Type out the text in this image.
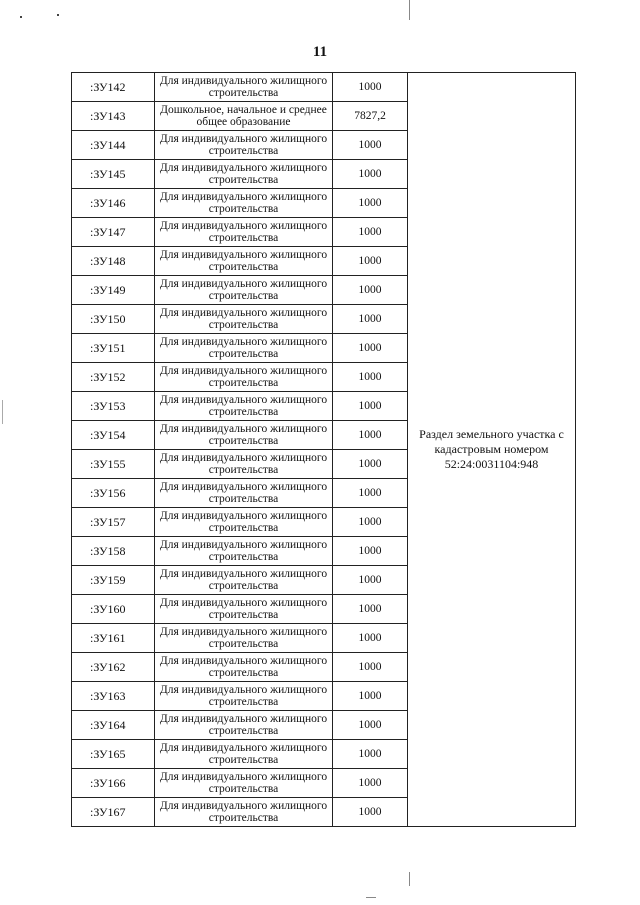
11
:ЗУ142	Для индивидуального жилищного строительства	1000	Раздел земельного участка с кадастровым номером 52:24:0031104:948
:ЗУ143	Дошкольное, начальное и среднее общее образование	7827,2	
:ЗУ144	Для индивидуального жилищного строительства	1000	
:ЗУ145	Для индивидуального жилищного строительства	1000	
:ЗУ146	Для индивидуального жилищного строительства	1000	
:ЗУ147	Для индивидуального жилищного строительства	1000	
:ЗУ148	Для индивидуального жилищного строительства	1000	
:ЗУ149	Для индивидуального жилищного строительства	1000	
:ЗУ150	Для индивидуального жилищного строительства	1000	
:ЗУ151	Для индивидуального жилищного строительства	1000	
:ЗУ152	Для индивидуального жилищного строительства	1000	
:ЗУ153	Для индивидуального жилищного строительства	1000	
:ЗУ154	Для индивидуального жилищного строительства	1000	
:ЗУ155	Для индивидуального жилищного строительства	1000	
:ЗУ156	Для индивидуального жилищного строительства	1000	
:ЗУ157	Для индивидуального жилищного строительства	1000	
:ЗУ158	Для индивидуального жилищного строительства	1000	
:ЗУ159	Для индивидуального жилищного строительства	1000	
:ЗУ160	Для индивидуального жилищного строительства	1000	
:ЗУ161	Для индивидуального жилищного строительства	1000	
:ЗУ162	Для индивидуального жилищного строительства	1000	
:ЗУ163	Для индивидуального жилищного строительства	1000	
:ЗУ164	Для индивидуального жилищного строительства	1000	
:ЗУ165	Для индивидуального жилищного строительства	1000	
:ЗУ166	Для индивидуального жилищного строительства	1000	
:ЗУ167	Для индивидуального жилищного строительства	1000	
